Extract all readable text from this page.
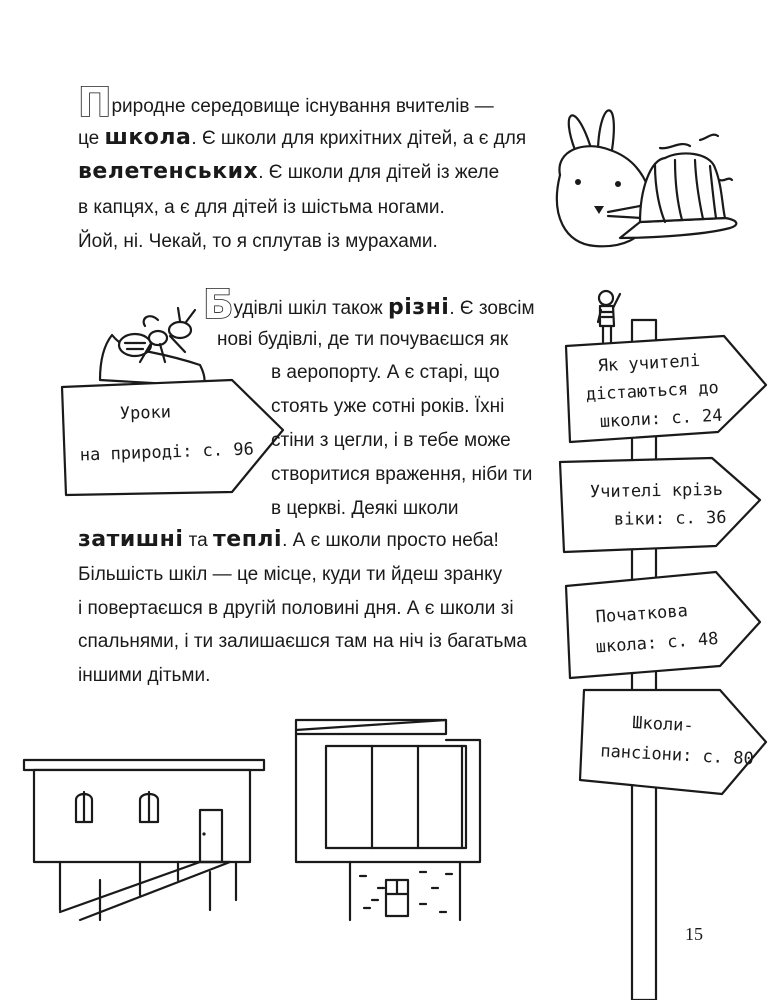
Уроки
на природі: с. 96
Як учителі
дістаються до
школи: с. 24
Учителі крізь
віки: с. 36
Початкова
школа: с. 48
Школи-
пансіони: с. 80
Природне середовище існування вчителів —
це школа. Є школи для крихітних дітей, а є для
велетенських. Є школи для дітей із желе
в капцях, а є для дітей із шістьма ногами.
Йой, ні. Чекай, то я сплутав із мурахами.
Будівлі шкіл також різні. Є зовсім
нові будівлі, де ти почуваєшся як
в аеропорту. А є старі, що
стоять уже сотні років. Їхні
стіни з цегли, і в тебе може
створитися враження, ніби ти
в церкві. Деякі школи
затишні та теплі. А є школи просто неба!
Більшість шкіл — це місце, куди ти йдеш зранку
і повертаєшся в другій половині дня. А є школи зі
спальнями, і ти залишаєшся там на ніч із багатьма
іншими дітьми.
15
